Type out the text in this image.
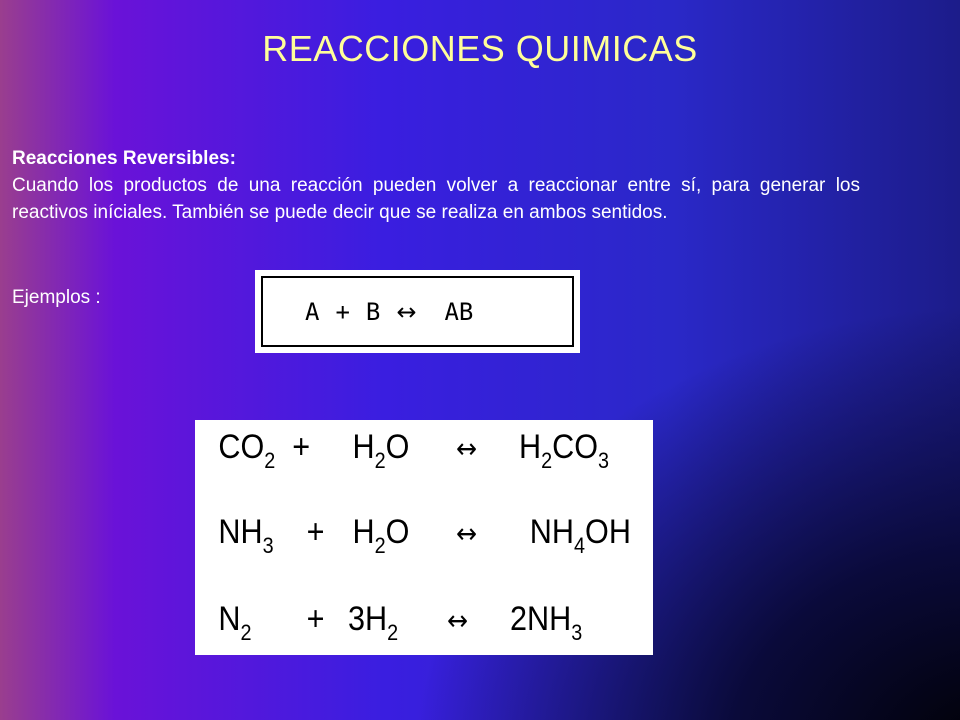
REACCIONES QUIMICAS
Reacciones Reversibles:
Cuando los productos de una reacción pueden volver a reaccionar entre sí, para generar los reactivos iníciales. También se puede decir que se realiza en ambos sentidos.
Ejemplos :	A + B ↔ AB
$CO_2 + H_2O$ ↔ $H_2CO_3$
$NH_3 + H_2O$ ↔ $NH_4OH$
$N_2 + 3H_2$ ↔ $2NH_3$
